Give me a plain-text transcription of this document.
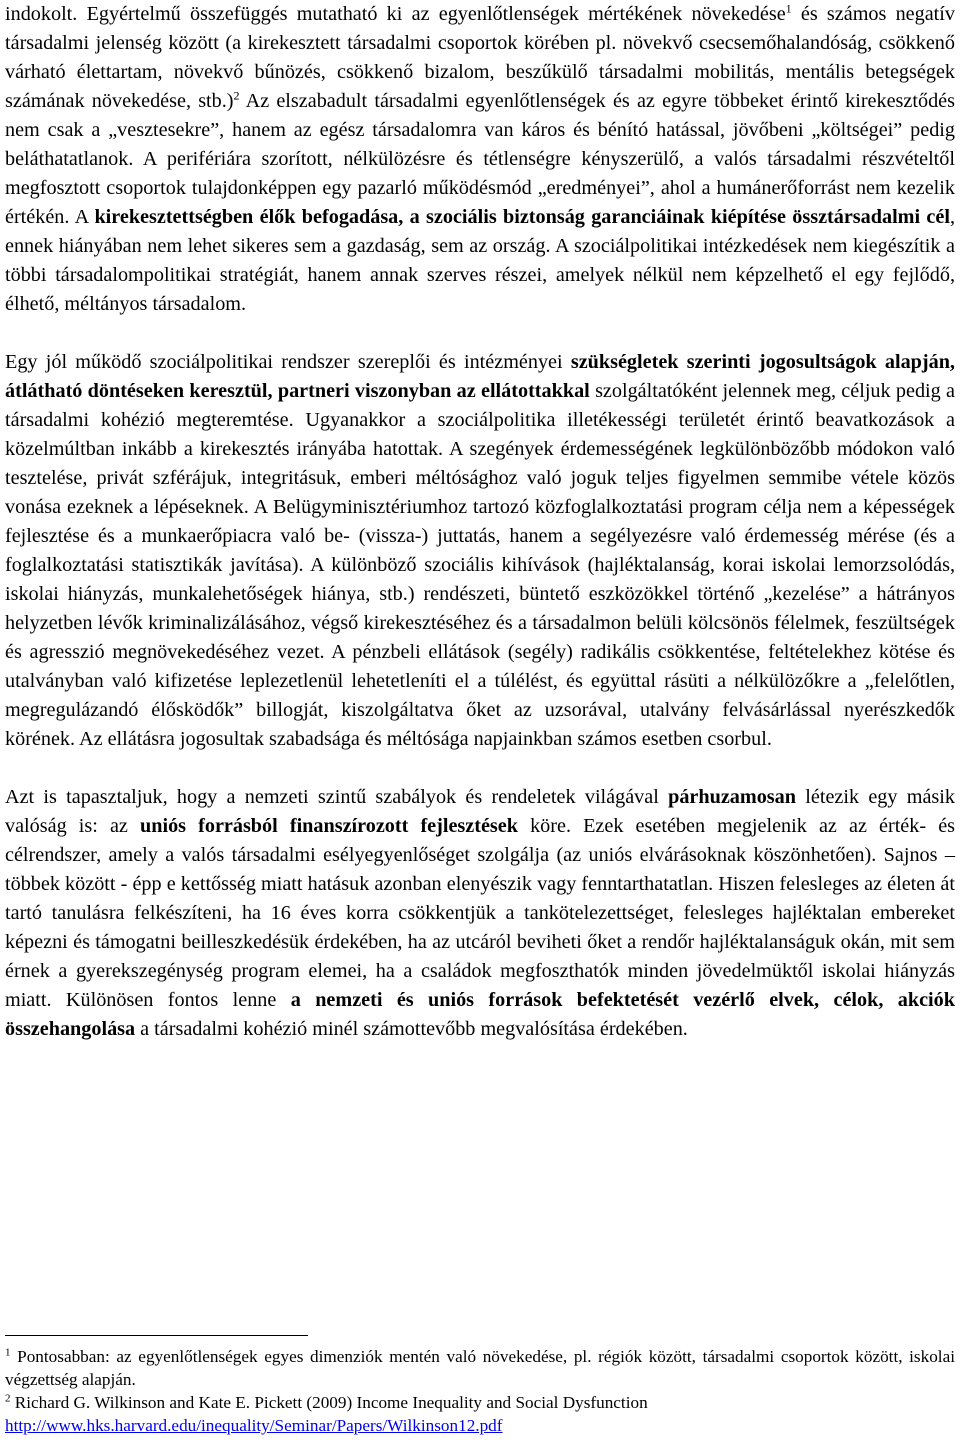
indokolt. Egyértelmű összefüggés mutatható ki az egyenlőtlenségek mértékének növekedése$^1$ és számos negatív társadalmi jelenség között (a kirekesztett társadalmi csoportok körében pl. növekvő csecsemőhalandóság, csökkenő várható élettartam, növekvő bűnözés, csökkenő bizalom, beszűkülő társadalmi mobilitás, mentális betegségek számának növekedése, stb.)$^2$ Az elszabadult társadalmi egyenlőtlenségek és az egyre többeket érintő kirekesztődés nem csak a „vesztesekre”, hanem az egész társadalomra van káros és bénító hatással, jövőbeni „költségei” pedig beláthatatlanok. A perifériára szorított, nélkülözésre és tétlenségre kényszerülő, a valós társadalmi részvételtől megfosztott csoportok tulajdonképpen egy pazarló működésmód „eredményei”, ahol a humánerőforrást nem kezelik értékén. A kirekesztettségben élők befogadása, a szociális biztonság garanciáinak kiépítése össztársadalmi cél, ennek hiányában nem lehet sikeres sem a gazdaság, sem az ország. A szociálpolitikai intézkedések nem kiegészítik a többi társadalompolitikai stratégiát, hanem annak szerves részei, amelyek nélkül nem képzelhető el egy fejlődő, élhető, méltányos társadalom.

Egy jól működő szociálpolitikai rendszer szereplői és intézményei szükségletek szerinti jogosultságok alapján, átlátható döntéseken keresztül, partneri viszonyban az ellátottakkal szolgáltatóként jelennek meg, céljuk pedig a társadalmi kohézió megteremtése. Ugyanakkor a szociálpolitika illetékességi területét érintő beavatkozások a közelmúltban inkább a kirekesztés irányába hatottak. A szegények érdemességének legkülönbözőbb módokon való tesztelése, privát szférájuk, integritásuk, emberi méltósághoz való joguk teljes figyelmen semmibe vétele közös vonása ezeknek a lépéseknek. A Belügyminisztériumhoz tartozó közfoglalkoztatási program célja nem a képességek fejlesztése és a munkaerőpiacra való be- (vissza-) juttatás, hanem a segélyezésre való érdemesség mérése (és a foglalkoztatási statisztikák javítása). A különböző szociális kihívások (hajléktalanság, korai iskolai lemorzsolódás, iskolai hiányzás, munkalehetőségek hiánya, stb.) rendészeti, büntető eszközökkel történő „kezelése” a hátrányos helyzetben lévők kriminalizálásához, végső kirekesztéséhez és a társadalmon belüli kölcsönös félelmek, feszültségek és agresszió megnövekedéséhez vezet. A pénzbeli ellátások (segély) radikális csökkentése, feltételekhez kötése és utalványban való kifizetése leplezetlenül lehetetleníti el a túlélést, és együttal rásüti a nélkülözőkre a „felelőtlen, megregulázandó élősködők” billogját, kiszolgáltatva őket az uzsorával, utalvány felvásárlással nyerészkedők körének. Az ellátásra jogosultak szabadsága és méltósága napjainkban számos esetben csorbul.

Azt is tapasztaljuk, hogy a nemzeti szintű szabályok és rendeletek világával párhuzamosan létezik egy másik valóság is: az uniós forrásból finanszírozott fejlesztések köre. Ezek esetében megjelenik az az érték- és célrendszer, amely a valós társadalmi esélyegyenlőséget szolgálja (az uniós elvárásoknak köszönhetően). Sajnos – többek között - épp e kettősség miatt hatásuk azonban elenyészik vagy fenntarthatatlan. Hiszen felesleges az életen át tartó tanulásra felkészíteni, ha 16 éves korra csökkentjük a tankötelezettséget, felesleges hajléktalan embereket képezni és támogatni beilleszkedésük érdekében, ha az utcáról beviheti őket a rendőr hajléktalanságuk okán, mit sem érnek a gyerekszegénység program elemei, ha a családok megfoszthatók minden jövedelmüktől iskolai hiányzás miatt. Különösen fontos lenne a nemzeti és uniós források befektetését vezérlő elvek, célok, akciók összehangolása a társadalmi kohézió minél számottevőbb megvalósítása érdekében.

$^1$ Pontosabban: az egyenlőtlenségek egyes dimenziók mentén való növekedése, pl. régiók között, társadalmi csoportok között, iskolai végzettség alapján.

$^2$ Richard G. Wilkinson and Kate E. Pickett (2009) Income Inequality and Social Dysfunction
http://www.hks.harvard.edu/inequality/Seminar/Papers/Wilkinson12.pdf
